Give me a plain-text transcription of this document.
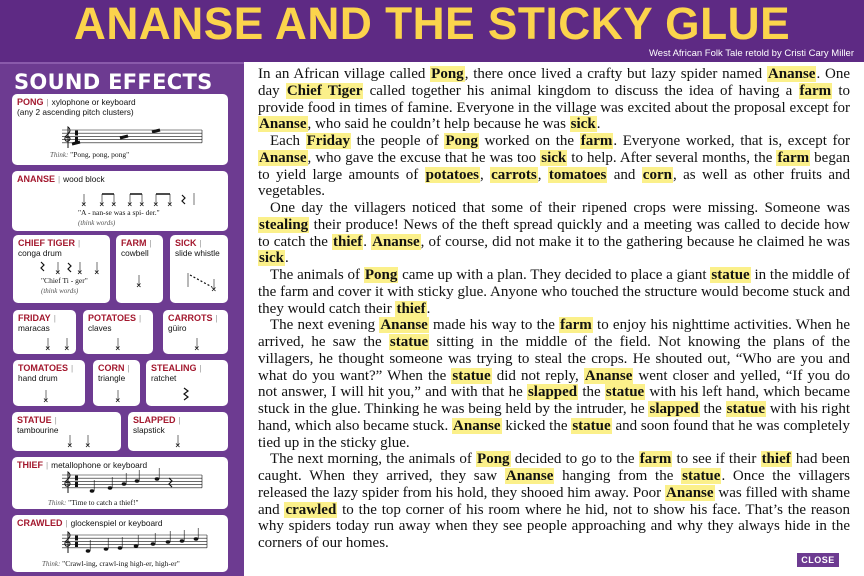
ANANSE AND THE STICKY GLUE
West African Folk Tale retold by Cristi Cary Miller
SOUND EFFECTS
PONG | xylophone or keyboard
(any 2 ascending pitch clusters)
Think: "Pong, pong, pong"
ANANSE | wood block
"A - nan-se was a spi- der."
(think words)
CHIEF TIGER |
conga drum
"Chief Ti - ger"
(think words)
FARM |
cowbell
SICK |
slide whistle
FRIDAY |
maracas
POTATOES |
claves
CARROTS |
güiro
TOMATOES |
hand drum
CORN |
triangle
STEALING |
ratchet
STATUE |
tambourine
SLAPPED |
slapstick
THIEF | metallophone or keyboard
Think: "Time to catch a thief!"
CRAWLED | glockenspiel or keyboard
Think: "Crawl-ing, crawl-ing high-er, high-er"

In an African village called Pong, there once lived a crafty but lazy spider named Ananse. One day Chief Tiger called together his animal kingdom to discuss the idea of having a farm to provide food in times of famine. Everyone in the village was excited about the proposal except for Ananse, who said he couldn’t help because he was sick.

Each Friday the people of Pong worked on the farm. Everyone worked, that is, except for Ananse, who gave the excuse that he was too sick to help. After several months, the farm began to yield large amounts of potatoes, carrots, tomatoes and corn, as well as other fruits and vegetables.

One day the villagers noticed that some of their ripened crops were missing. Someone was stealing their produce! News of the theft spread quickly and a meeting was called to decide how to catch the thief. Ananse, of course, did not make it to the gathering because he claimed he was sick.

The animals of Pong came up with a plan. They decided to place a giant statue in the middle of the farm and cover it with sticky glue. Anyone who touched the structure would become stuck and they would catch their thief.

The next evening Ananse made his way to the farm to enjoy his nighttime activities. When he arrived, he saw the statue sitting in the middle of the field. Not knowing the plans of the villagers, he thought someone was trying to steal the crops. He shouted out, “Who are you and what do you want?” When the statue did not reply, Ananse went closer and yelled, “If you do not answer, I will hit you,” and with that he slapped the statue with his left hand, which became stuck in the glue. Thinking he was being held by the intruder, he slapped the statue with his right hand, which also became stuck. Ananse kicked the statue and soon found that he was completely tied up in the sticky glue.

The next morning, the animals of Pong decided to go to the farm to see if their thief had been caught. When they arrived, they saw Ananse hanging from the statue. Once the villagers released the lazy spider from his hold, they shooed him away. Poor Ananse was filled with shame and crawled to the top corner of his room where he hid, not to show his face. That’s the reason why spiders today run away when they see people approaching and why they always hide in the corners of our homes.

CLOSE
